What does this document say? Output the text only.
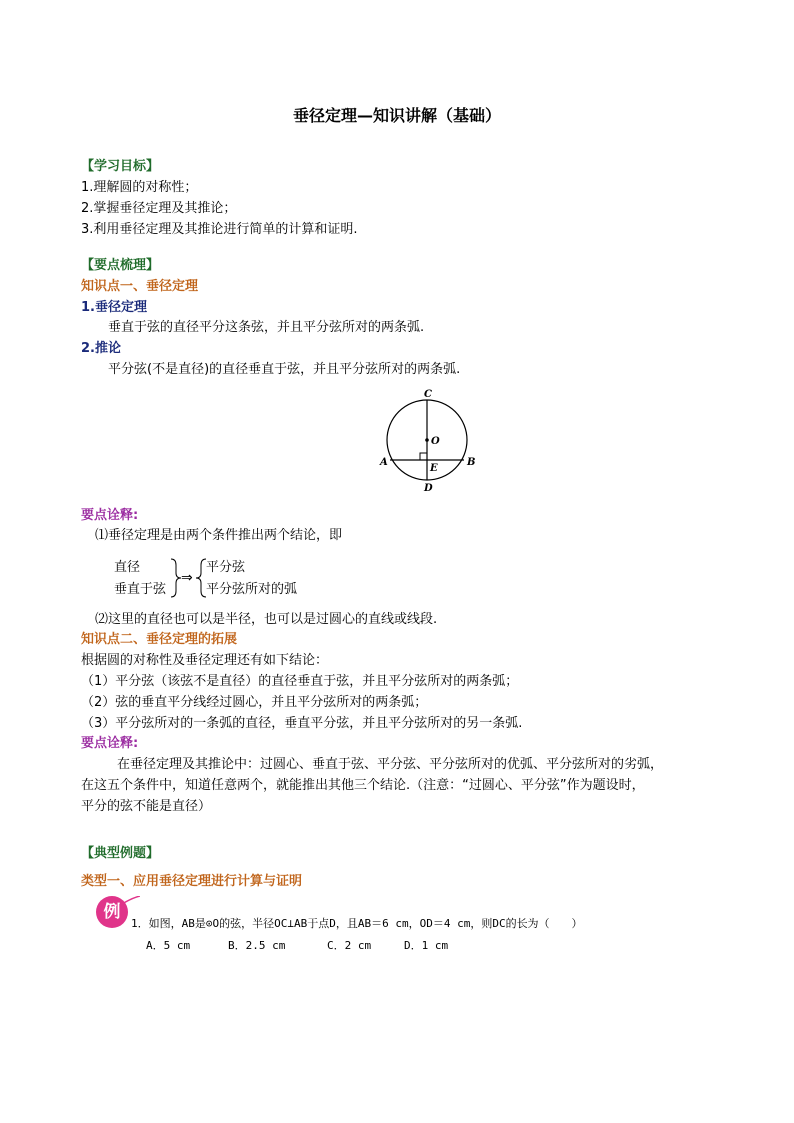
垂径定理—知识讲解（基础）
【学习目标】
1.理解圆的对称性；
2.掌握垂径定理及其推论；
3.利用垂径定理及其推论进行简单的计算和证明.
【要点梳理】
知识点一、垂径定理
1.垂径定理
垂直于弦的直径平分这条弦，并且平分弦所对的两条弧.
2.推论
平分弦(不是直径)的直径垂直于弦，并且平分弦所对的两条弧.
C
O
A	B
E
D
要点诠释:
⑴垂径定理是由两个条件推出两个结论，即
直径
垂直于弦
⇒
平分弦
平分弦所对的弧
⑵这里的直径也可以是半径，也可以是过圆心的直线或线段.
知识点二、垂径定理的拓展
根据圆的对称性及垂径定理还有如下结论：
（1）平分弦（该弦不是直径）的直径垂直于弦，并且平分弦所对的两条弧；
（2）弦的垂直平分线经过圆心，并且平分弦所对的两条弧；
（3）平分弦所对的一条弧的直径，垂直平分弦，并且平分弦所对的另一条弧.
要点诠释:
在垂径定理及其推论中：过圆心、垂直于弦、平分弦、平分弦所对的优弧、平分弦所对的劣弧，
在这五个条件中，知道任意两个，就能推出其他三个结论.（注意：“过圆心、平分弦”作为题设时，
平分的弦不能是直径）
【典型例题】
类型一、应用垂径定理进行计算与证明
例
1．如图，AB是⊙O的弦，半径OC⊥AB于点D，且AB＝6 cm，OD＝4 cm，则DC的长为（　　）
A．5 cm	B．2.5 cm	C．2 cm	D．1 cm
